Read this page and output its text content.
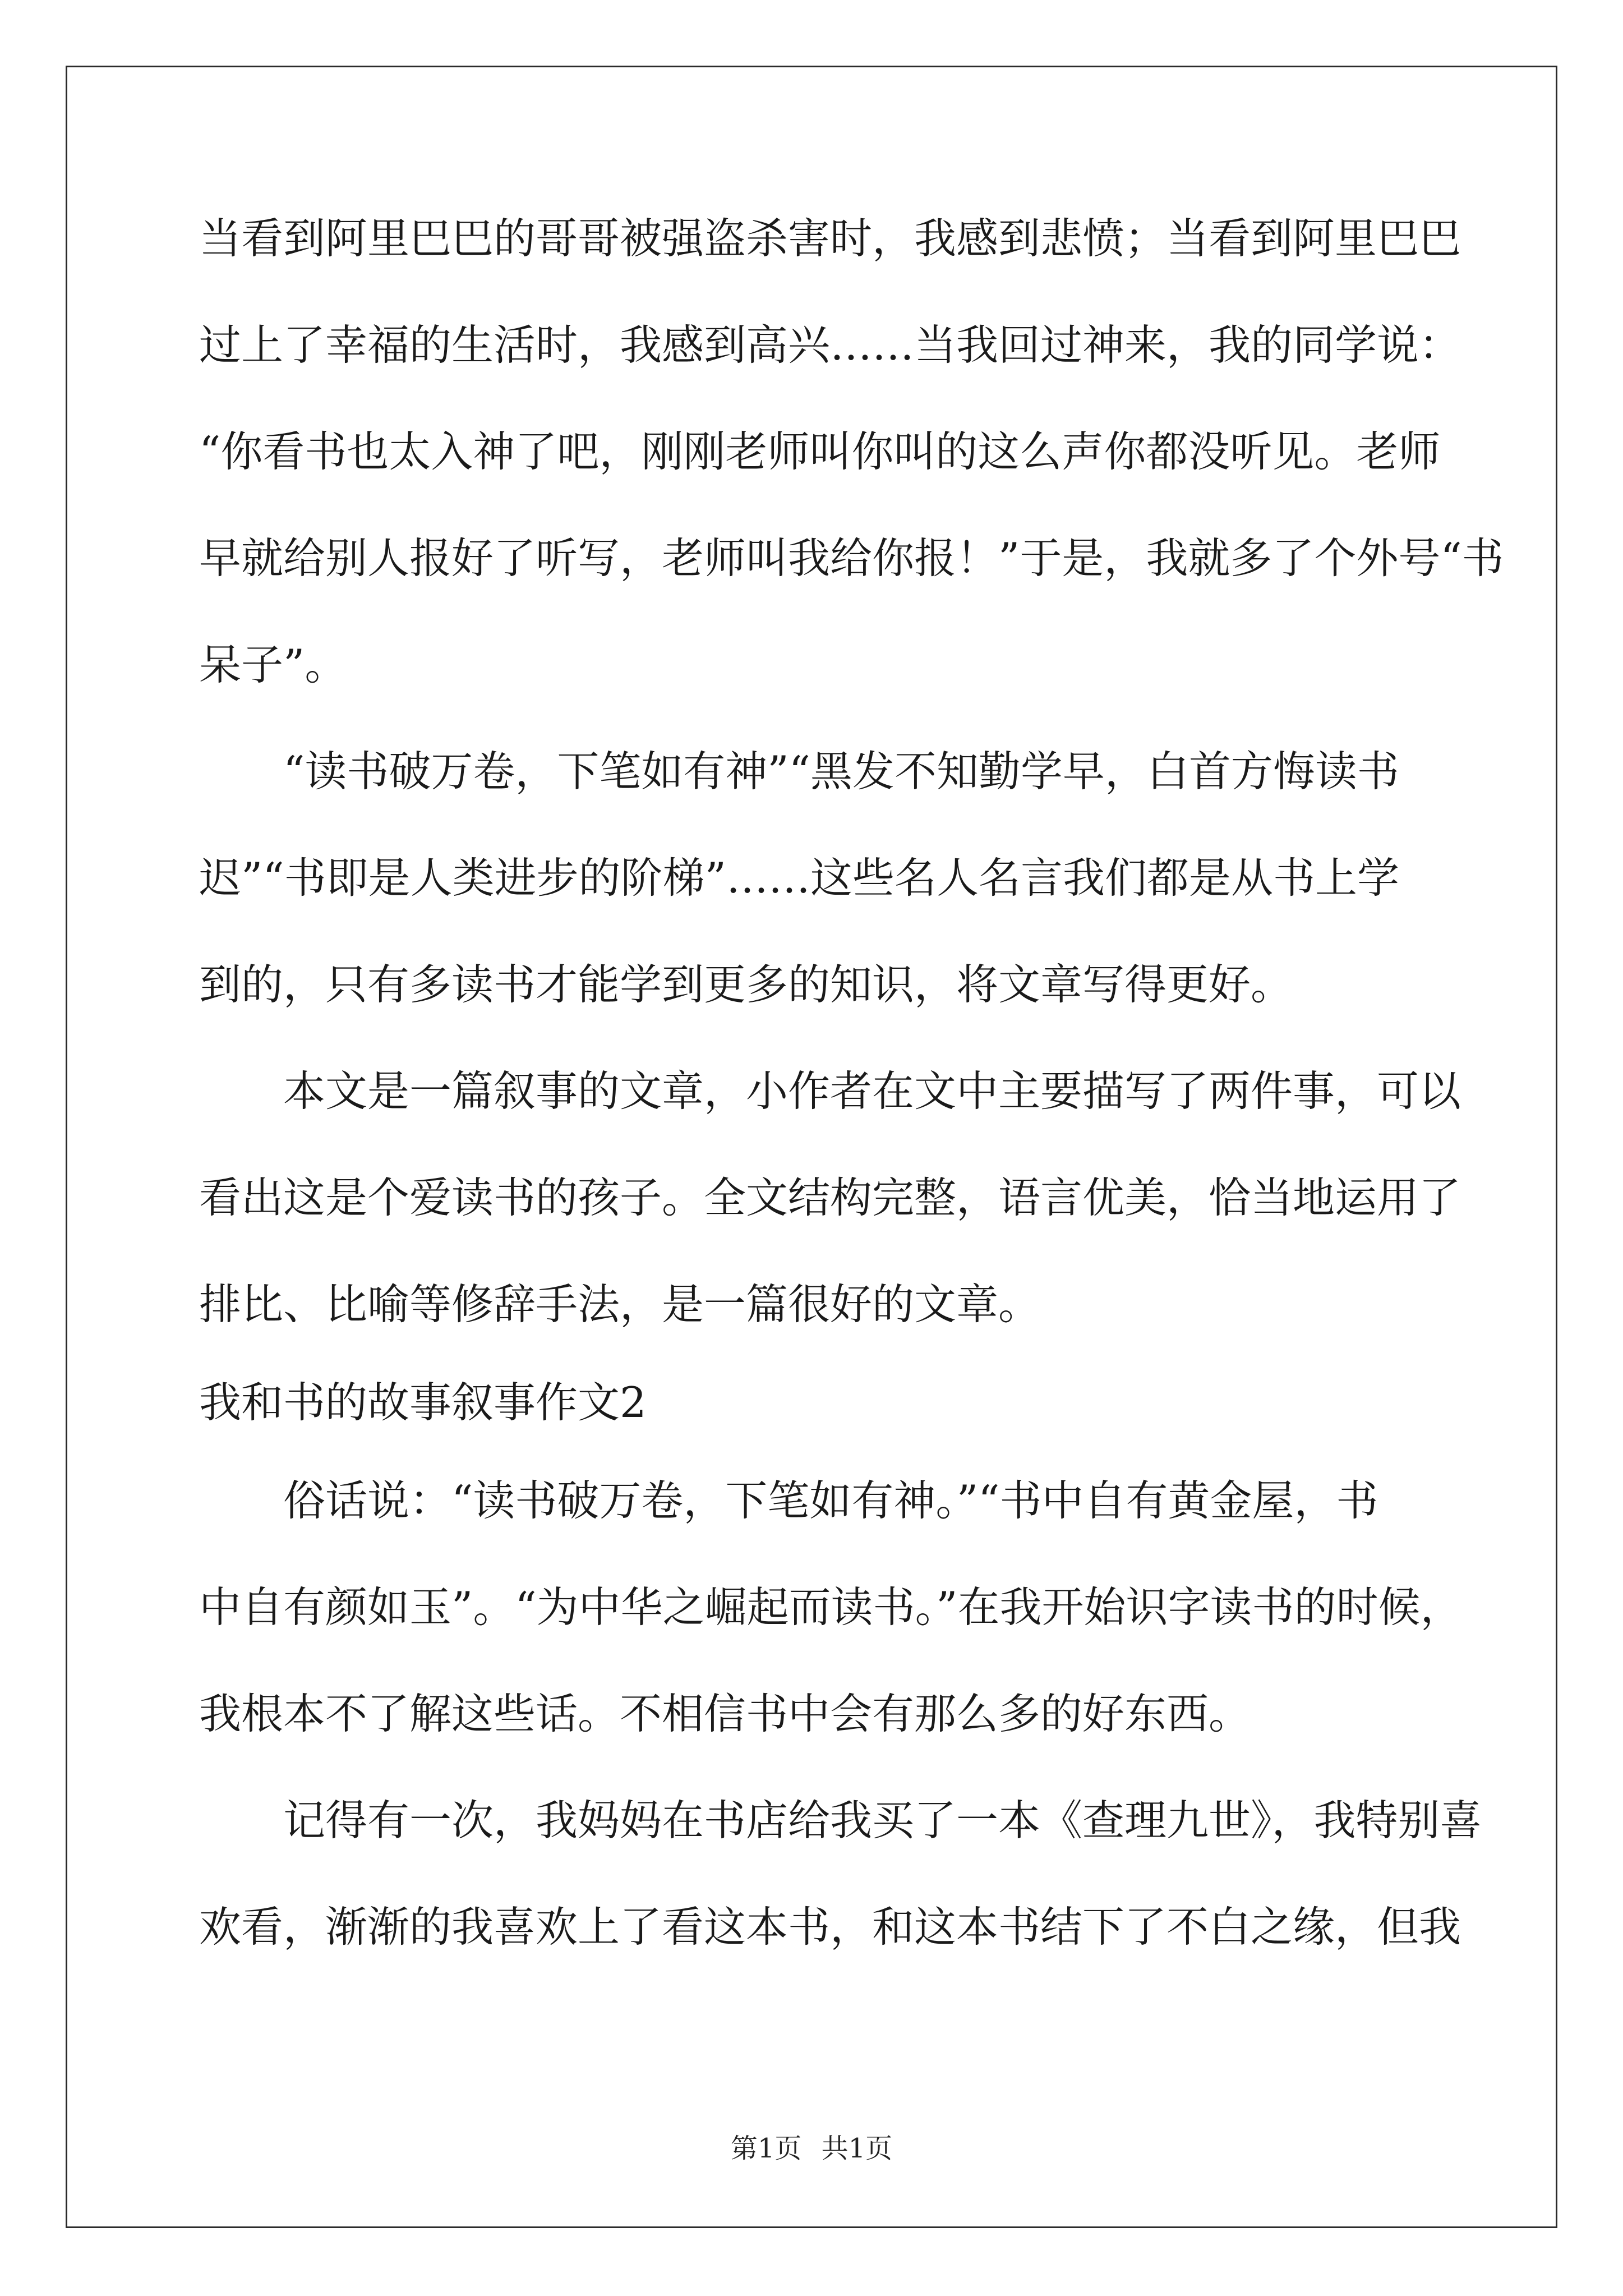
当看到阿里巴巴的哥哥被强盗杀害时，我感到悲愤；当看到阿里巴巴
过上了幸福的生活时，我感到高兴……当我回过神来，我的同学说：
“你看书也太入神了吧，刚刚老师叫你叫的这么声你都没听见。老师
早就给别人报好了听写，老师叫我给你报！”于是，我就多了个外号“书
呆子”。
　　“读书破万卷，下笔如有神”“黑发不知勤学早，白首方悔读书
迟”“书即是人类进步的阶梯”……这些名人名言我们都是从书上学
到的，只有多读书才能学到更多的知识，将文章写得更好。
　　本文是一篇叙事的文章，小作者在文中主要描写了两件事，可以
看出这是个爱读书的孩子。全文结构完整，语言优美，恰当地运用了
排比、比喻等修辞手法，是一篇很好的文章。
我和书的故事叙事作文2
　　俗话说：“读书破万卷，下笔如有神。”“书中自有黄金屋，书
中自有颜如玉”。“为中华之崛起而读书。”在我开始识字读书的时候，
我根本不了解这些话。不相信书中会有那么多的好东西。
　　记得有一次，我妈妈在书店给我买了一本《查理九世》，我特别喜
欢看，渐渐的我喜欢上了看这本书，和这本书结下了不白之缘，但我
第1页 共1页
